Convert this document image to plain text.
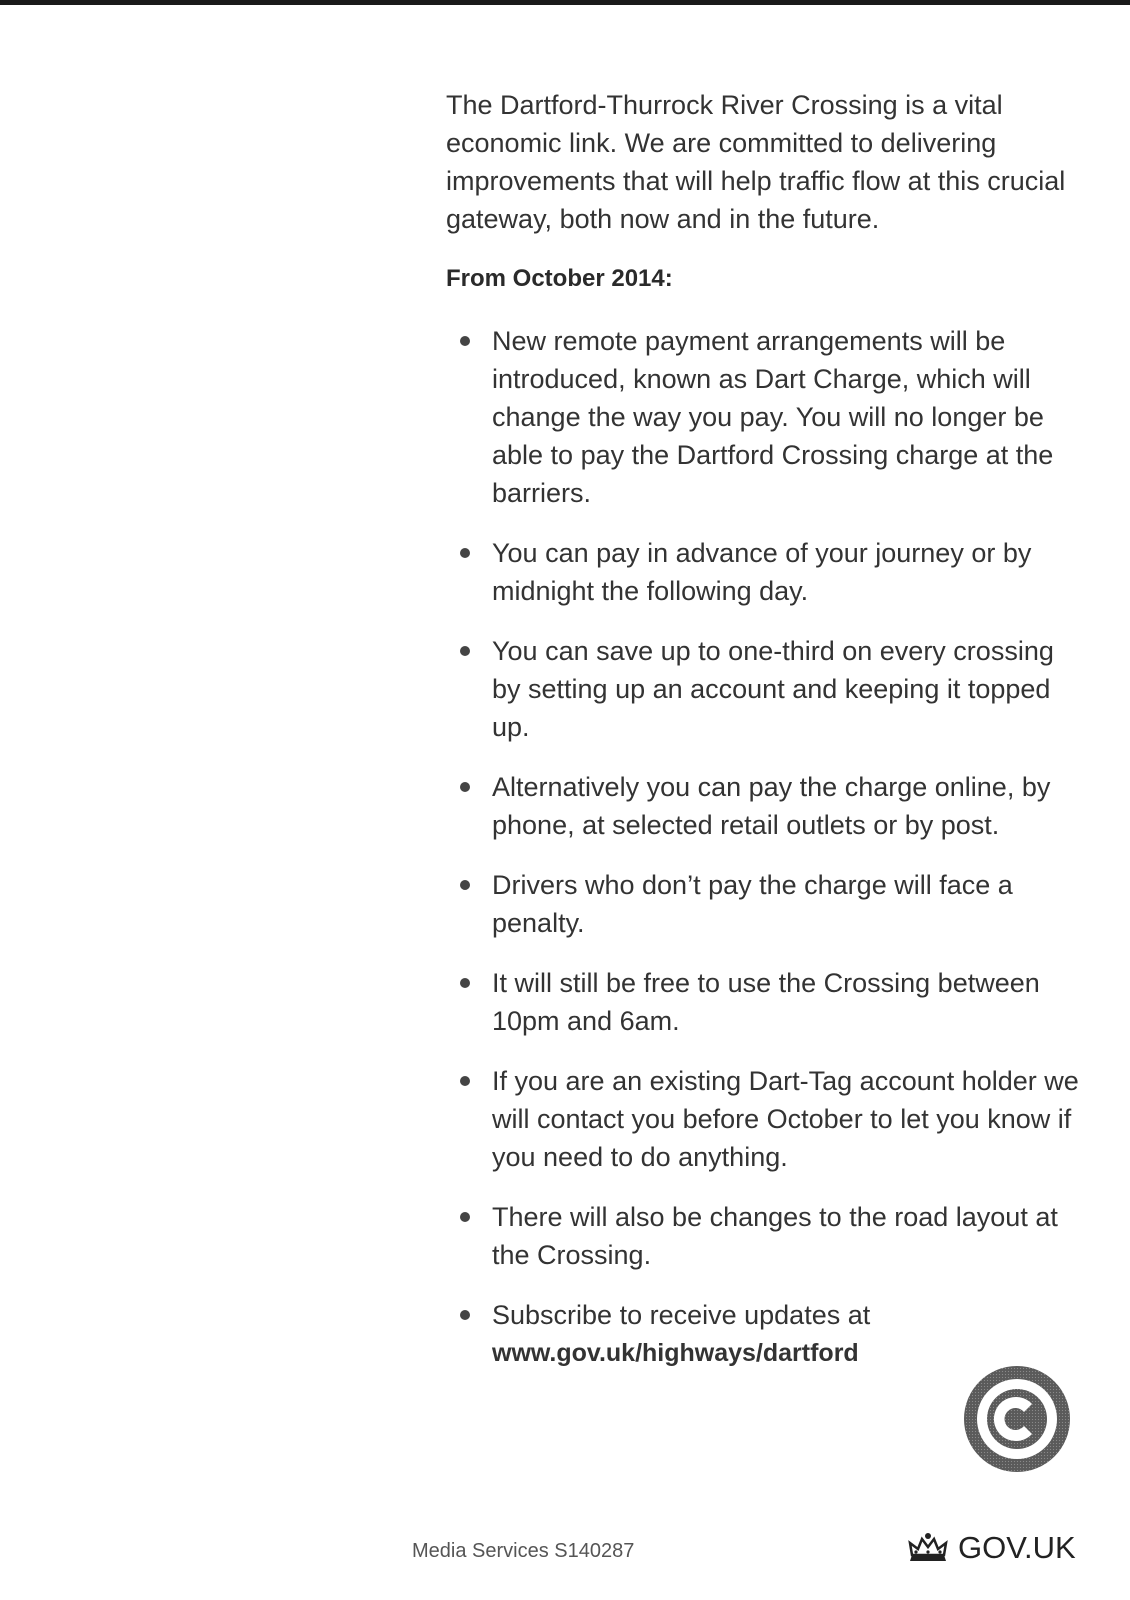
The Dartford-Thurrock River Crossing is a vital economic link. We are committed to delivering improvements that will help traffic flow at this crucial gateway, both now and in the future.

From October 2014:
New remote payment arrangements will be introduced, known as Dart Charge, which will change the way you pay. You will no longer be able to pay the Dartford Crossing charge at the barriers.
You can pay in advance of your journey or by midnight the following day.
You can save up to one-third on every crossing by setting up an account and keeping it topped up.
Alternatively you can pay the charge online, by phone, at selected retail outlets or by post.
Drivers who don’t pay the charge will face a penalty.
It will still be free to use the Crossing between 10pm and 6am.
If you are an existing Dart-Tag account holder we will contact you before October to let you know if you need to do anything.
There will also be changes to the road layout at the Crossing.
Subscribe to receive updates at
www.gov.uk/highways/dartford
Media Services S140287	GOV.UK
